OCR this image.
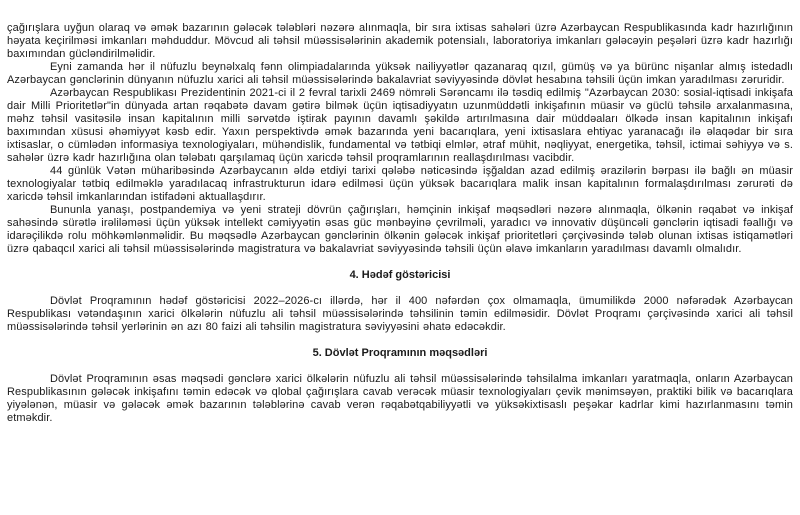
çağırışlara uyğun olaraq və əmək bazarının gələcək tələbləri nəzərə alınmaqla, bir sıra ixtisas sahələri üzrə Azərbaycan Respublikasında kadr hazırlığının həyata keçirilməsi imkanları məhduddur. Mövcud ali təhsil müəssisələrinin akademik potensialı, laboratoriya imkanları gələcəyin peşələri üzrə kadr hazırlığı baxımından gücləndirilməlidir.

Eyni zamanda hər il nüfuzlu beynəlxalq fənn olimpiadalarında yüksək nailiyyətlər qazanaraq qızıl, gümüş və ya bürünc nişanlar almış istedadlı Azərbaycan gənclərinin dünyanın nüfuzlu xarici ali təhsil müəssisələrində bakalavriat səviyyəsində dövlət hesabına təhsili üçün imkan yaradılması zəruridir.

Azərbaycan Respublikası Prezidentinin 2021-ci il 2 fevral tarixli 2469 nömrəli Sərəncamı ilə təsdiq edilmiş "Azərbaycan 2030: sosial-iqtisadi inkişafa dair Milli Prioritetlər"in dünyada artan rəqabətə davam gətirə bilmək üçün iqtisadiyyatın uzunmüddətli inkişafının müasir və güclü təhsilə arxalanmasına, məhz təhsil vasitəsilə insan kapitalının milli sərvətdə iştirak payının davamlı şəkildə artırılmasına dair müddəaları ölkədə insan kapitalının inkişafı baxımından xüsusi əhəmiyyət kəsb edir. Yaxın perspektivdə əmək bazarında yeni bacarıqlara, yeni ixtisaslara ehtiyac yaranacağı ilə əlaqədar bir sıra ixtisaslar, o cümlədən informasiya texnologiyaları, mühəndislik, fundamental və tətbiqi elmlər, ətraf mühit, nəqliyyat, energetika, təhsil, ictimai səhiyyə və s. sahələr üzrə kadr hazırlığına olan tələbatı qarşılamaq üçün xaricdə təhsil proqramlarının reallaşdırılması vacibdir.

44 günlük Vətən müharibəsində Azərbaycanın əldə etdiyi tarixi qələbə nəticəsində işğaldan azad edilmiş ərazilərin bərpası ilə bağlı ən müasir texnologiyalar tətbiq edilməklə yaradılacaq infrastrukturun idarə edilməsi üçün yüksək bacarıqlara malik insan kapitalının formalaşdırılması zərurəti də xaricdə təhsil imkanlarından istifadəni aktuallaşdırır.

Bununla yanaşı, postpandemiya və yeni strateji dövrün çağırışları, həmçinin inkişaf məqsədləri nəzərə alınmaqla, ölkənin rəqabət və inkişaf sahəsində sürətlə irəliləməsi üçün yüksək intellekt cəmiyyətin əsas güc mənbəyinə çevrilməli, yaradıcı və innovativ düşüncəli gənclərin iqtisadi fəallığı və idarəçilikdə rolu möhkəmlənməlidir. Bu məqsədlə Azərbaycan gənclərinin ölkənin gələcək inkişaf prioritetləri çərçivəsində tələb olunan ixtisas istiqamətləri üzrə qabaqcıl xarici ali təhsil müəssisələrində magistratura və bakalavriat səviyyəsində təhsili üçün əlavə imkanların yaradılması davamlı olmalıdır.

4. Hədəf göstəricisi

Dövlət Proqramının hədəf göstəricisi 2022–2026-cı illərdə, hər il 400 nəfərdən çox olmamaqla, ümumilikdə 2000 nəfərədək Azərbaycan Respublikası vətəndaşının xarici ölkələrin nüfuzlu ali təhsil müəssisələrində təhsilinin təmin edilməsidir. Dövlət Proqramı çərçivəsində xarici ali təhsil müəssisələrində təhsil yerlərinin ən azı 80 faizi ali təhsilin magistratura səviyyəsini əhatə edəcəkdir.

5. Dövlət Proqramının məqsədləri

Dövlət Proqramının əsas məqsədi gənclərə xarici ölkələrin nüfuzlu ali təhsil müəssisələrində təhsilalma imkanları yaratmaqla, onların Azərbaycan Respublikasının gələcək inkişafını təmin edəcək və qlobal çağırışlara cavab verəcək müasir texnologiyaları çevik mənimsəyən, praktiki bilik və bacarıqlara yiyələnən, müasir və gələcək əmək bazarının tələblərinə cavab verən rəqabətqabiliyyətli və yüksəkixtisaslı peşəkar kadrlar kimi hazırlanmasını təmin etməkdir.
